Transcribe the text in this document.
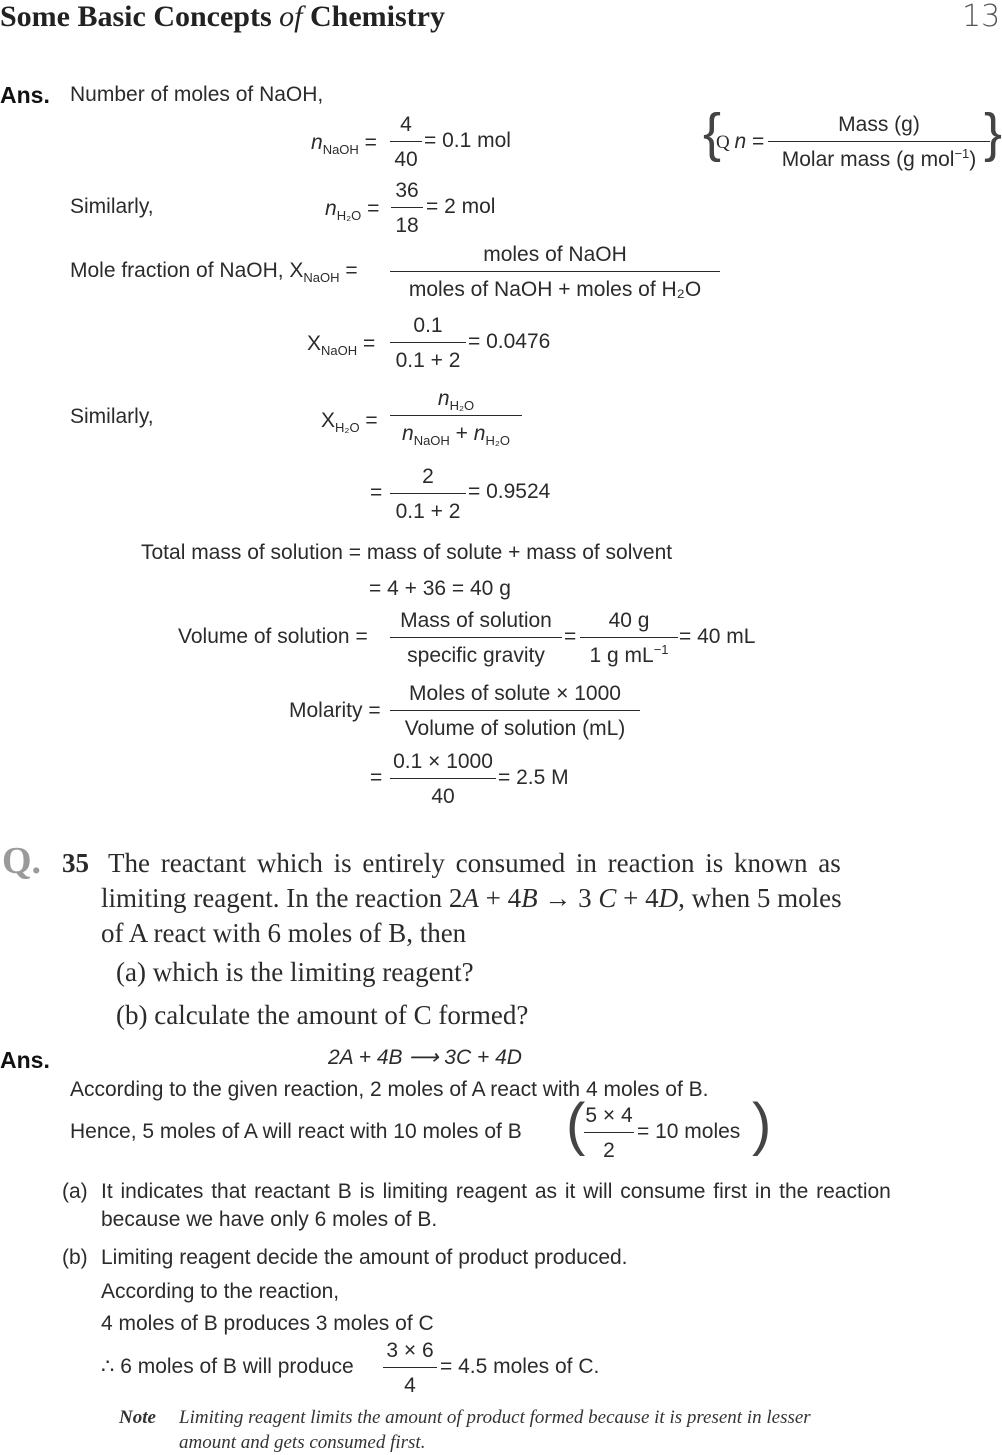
Some Basic Concepts of Chemistry	13
Ans. Number of moles of NaOH,
$n_{NaOH}$ =
4
40
= 0.1 mol	{
Q n =
Mass (g)
Molar mass (g mol$^{-1}$) }
Similarly,	$n_{H_2O}$ =
36
18
= 2 mol
Mole fraction of NaOH, $X_{NaOH}$ =
moles of NaOH
moles of NaOH + moles of H₂O
$X_{NaOH}$ =
0.1
0.1 + 2
= 0.0476
Similarly,	$X_{H_2O}$ =
$n_{H_2O}$
$n_{NaOH} + n_{H_2O}$
=
2
0.1 + 2
= 0.9524
Total mass of solution = mass of solute + mass of solvent
= 4 + 36 = 40 g
Volume of solution =
Mass of solution
specific gravity
=
40 g
1 g $mL^{-1}$
= 40 mL
Molarity =
Moles of solute × 1000
Volume of solution (mL)
=
0.1 × 1000
40
= 2.5 M
Q. 35 The reactant which is entirely consumed in reaction is known as
limiting reagent. In the reaction 2A + 4B → 3 C + 4D, when 5 moles
of A react with 6 moles of B, then
(a) which is the limiting reagent?
(b) calculate the amount of C formed?
Ans.	2A + 4B ⟶ 3C + 4D
According to the given reaction, 2 moles of A react with 4 moles of B.
Hence, 5 moles of A will react with 10 moles of B ( 5 × 4
2
= 10 moles )
(a) It indicates that reactant B is limiting reagent as it will consume first in the reaction
because we have only 6 moles of B.
(b) Limiting reagent decide the amount of product produced.
According to the reaction,
4 moles of B produces 3 moles of C
∴ 6 moles of B will produce
3 × 6
4
= 4.5 moles of C.
Note Limiting reagent limits the amount of product formed because it is present in lesser
amount and gets consumed first.
